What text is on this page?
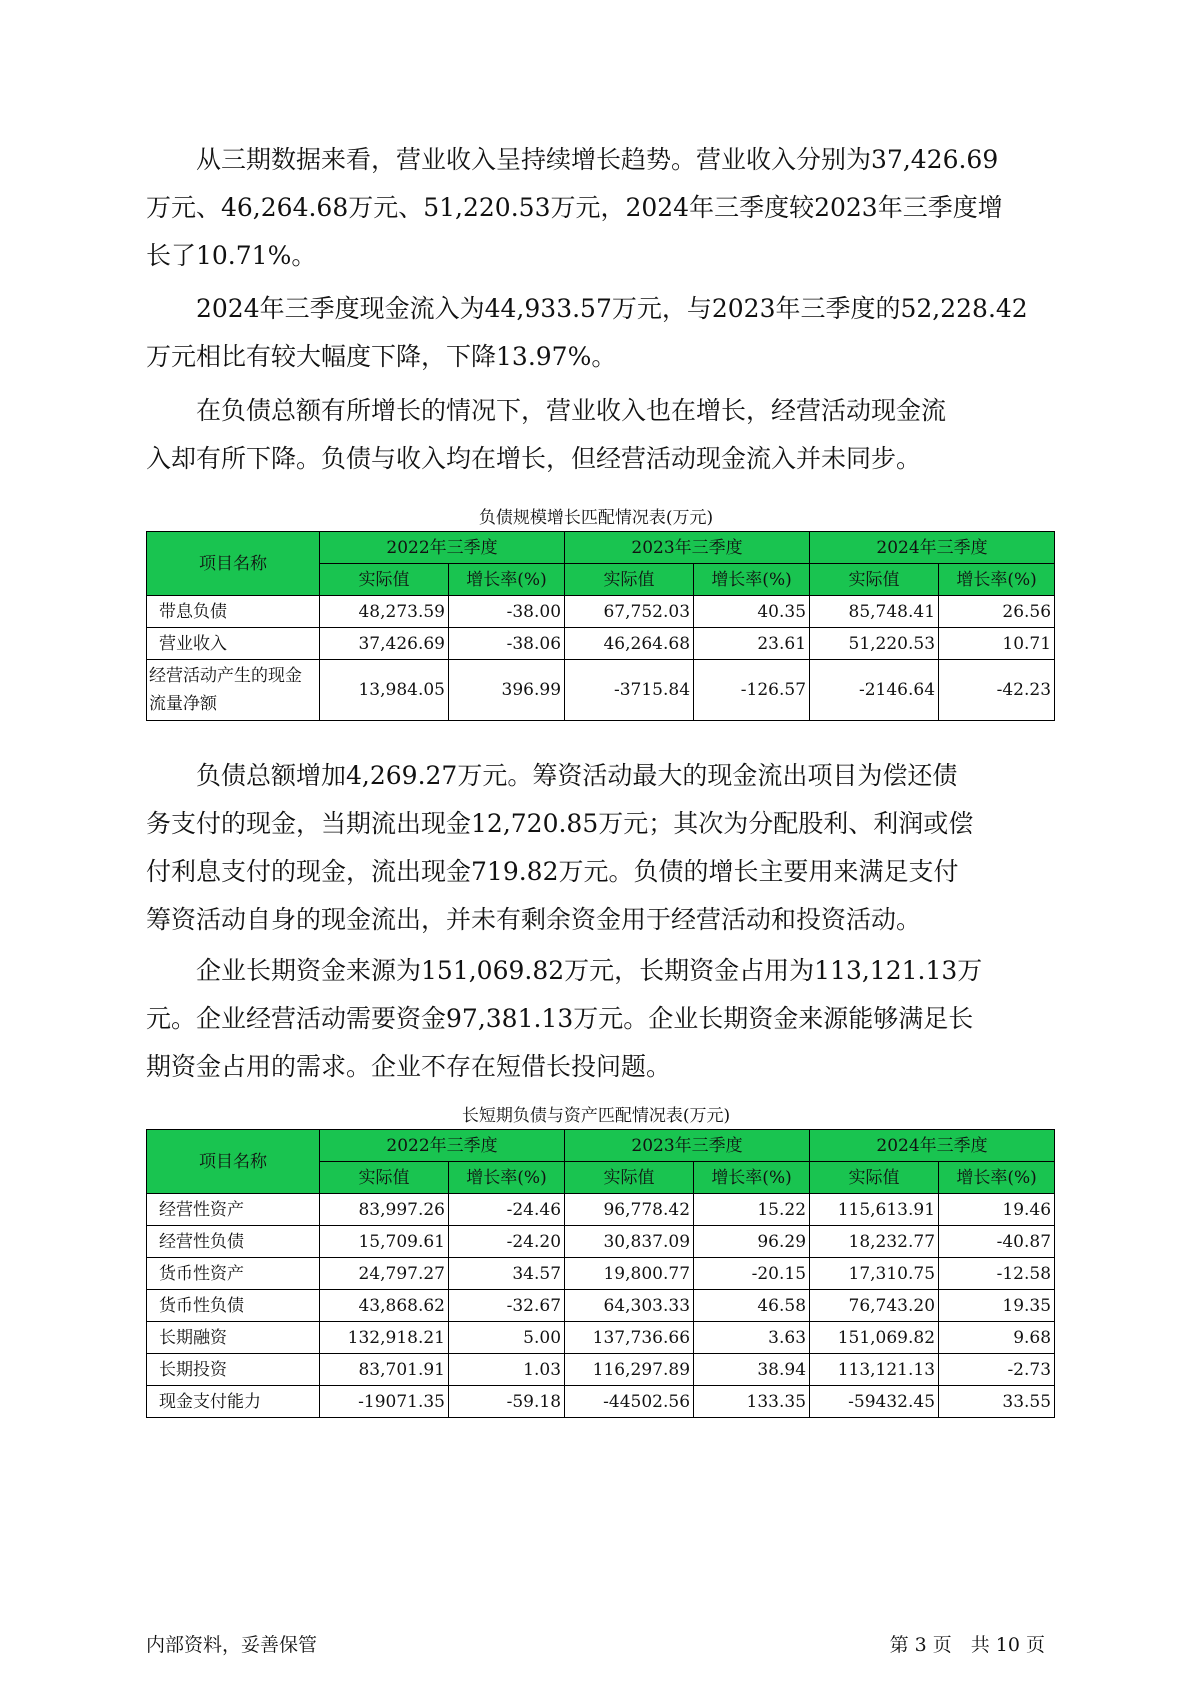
　　从三期数据来看，营业收入呈持续增长趋势。营业收入分别为37,426.69
万元、46,264.68万元、51,220.53万元，2024年三季度较2023年三季度增
长了10.71%。

　　2024年三季度现金流入为44,933.57万元，与2023年三季度的52,228.42
万元相比有较大幅度下降，下降13.97%。

　　在负债总额有所增长的情况下，营业收入也在增长，经营活动现金流
入却有所下降。负债与收入均在增长，但经营活动现金流入并未同步。

负债规模增长匹配情况表(万元)

项目名称	2022年三季度		2023年三季度		2024年三季度	
	实际值	增长率(%)	实际值	增长率(%)	实际值	增长率(%)
带息负债	48,273.59	-38.00	67,752.03	40.35	85,748.41	26.56
营业收入	37,426.69	-38.06	46,264.68	23.61	51,220.53	10.71
经营活动产生的现金流量净额	13,984.05	396.99	-3715.84	-126.57	-2146.64	-42.23

　　负债总额增加4,269.27万元。筹资活动最大的现金流出项目为偿还债
务支付的现金，当期流出现金12,720.85万元；其次为分配股利、利润或偿
付利息支付的现金，流出现金719.82万元。负债的增长主要用来满足支付
筹资活动自身的现金流出，并未有剩余资金用于经营活动和投资活动。

　　企业长期资金来源为151,069.82万元，长期资金占用为113,121.13万
元。企业经营活动需要资金97,381.13万元。企业长期资金来源能够满足长
期资金占用的需求。企业不存在短借长投问题。

长短期负债与资产匹配情况表(万元)

项目名称	2022年三季度		2023年三季度		2024年三季度	
	实际值	增长率(%)	实际值	增长率(%)	实际值	增长率(%)
经营性资产	83,997.26	-24.46	96,778.42	15.22	115,613.91	19.46
经营性负债	15,709.61	-24.20	30,837.09	96.29	18,232.77	-40.87
货币性资产	24,797.27	34.57	19,800.77	-20.15	17,310.75	-12.58
货币性负债	43,868.62	-32.67	64,303.33	46.58	76,743.20	19.35
长期融资	132,918.21	5.00	137,736.66	3.63	151,069.82	9.68
长期投资	83,701.91	1.03	116,297.89	38.94	113,121.13	-2.73
现金支付能力	-19071.35	-59.18	-44502.56	133.35	-59432.45	33.55
内部资料，妥善保管	第 3 页　共 10 页
